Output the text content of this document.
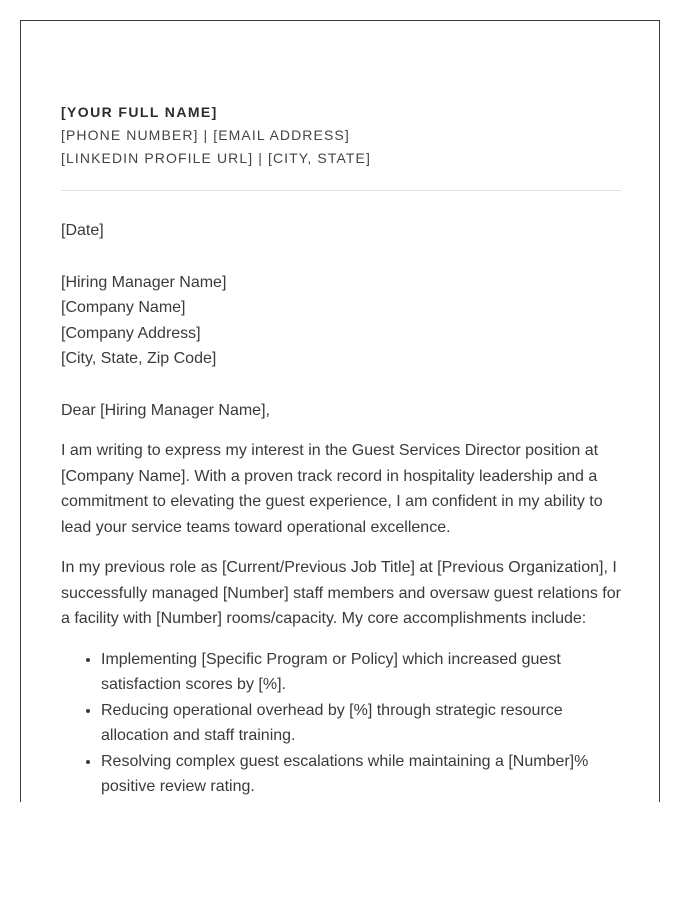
[YOUR FULL NAME]

[PHONE NUMBER] | [EMAIL ADDRESS]

[LINKEDIN PROFILE URL] | [CITY, STATE]

[Date]

[Hiring Manager Name]
[Company Name]
[Company Address]
[City, State, Zip Code]

Dear [Hiring Manager Name],

I am writing to express my interest in the Guest Services Director position at [Company Name]. With a proven track record in hospitality leadership and a commitment to elevating the guest experience, I am confident in my ability to lead your service teams toward operational excellence.

In my previous role as [Current/Previous Job Title] at [Previous Organization], I successfully managed [Number] staff members and oversaw guest relations for a facility with [Number] rooms/capacity. My core accomplishments include:

• Implementing [Specific Program or Policy] which increased guest satisfaction scores by [%].
• Reducing operational overhead by [%] through strategic resource allocation and staff training.
• Resolving complex guest escalations while maintaining a [Number]% positive review rating.
